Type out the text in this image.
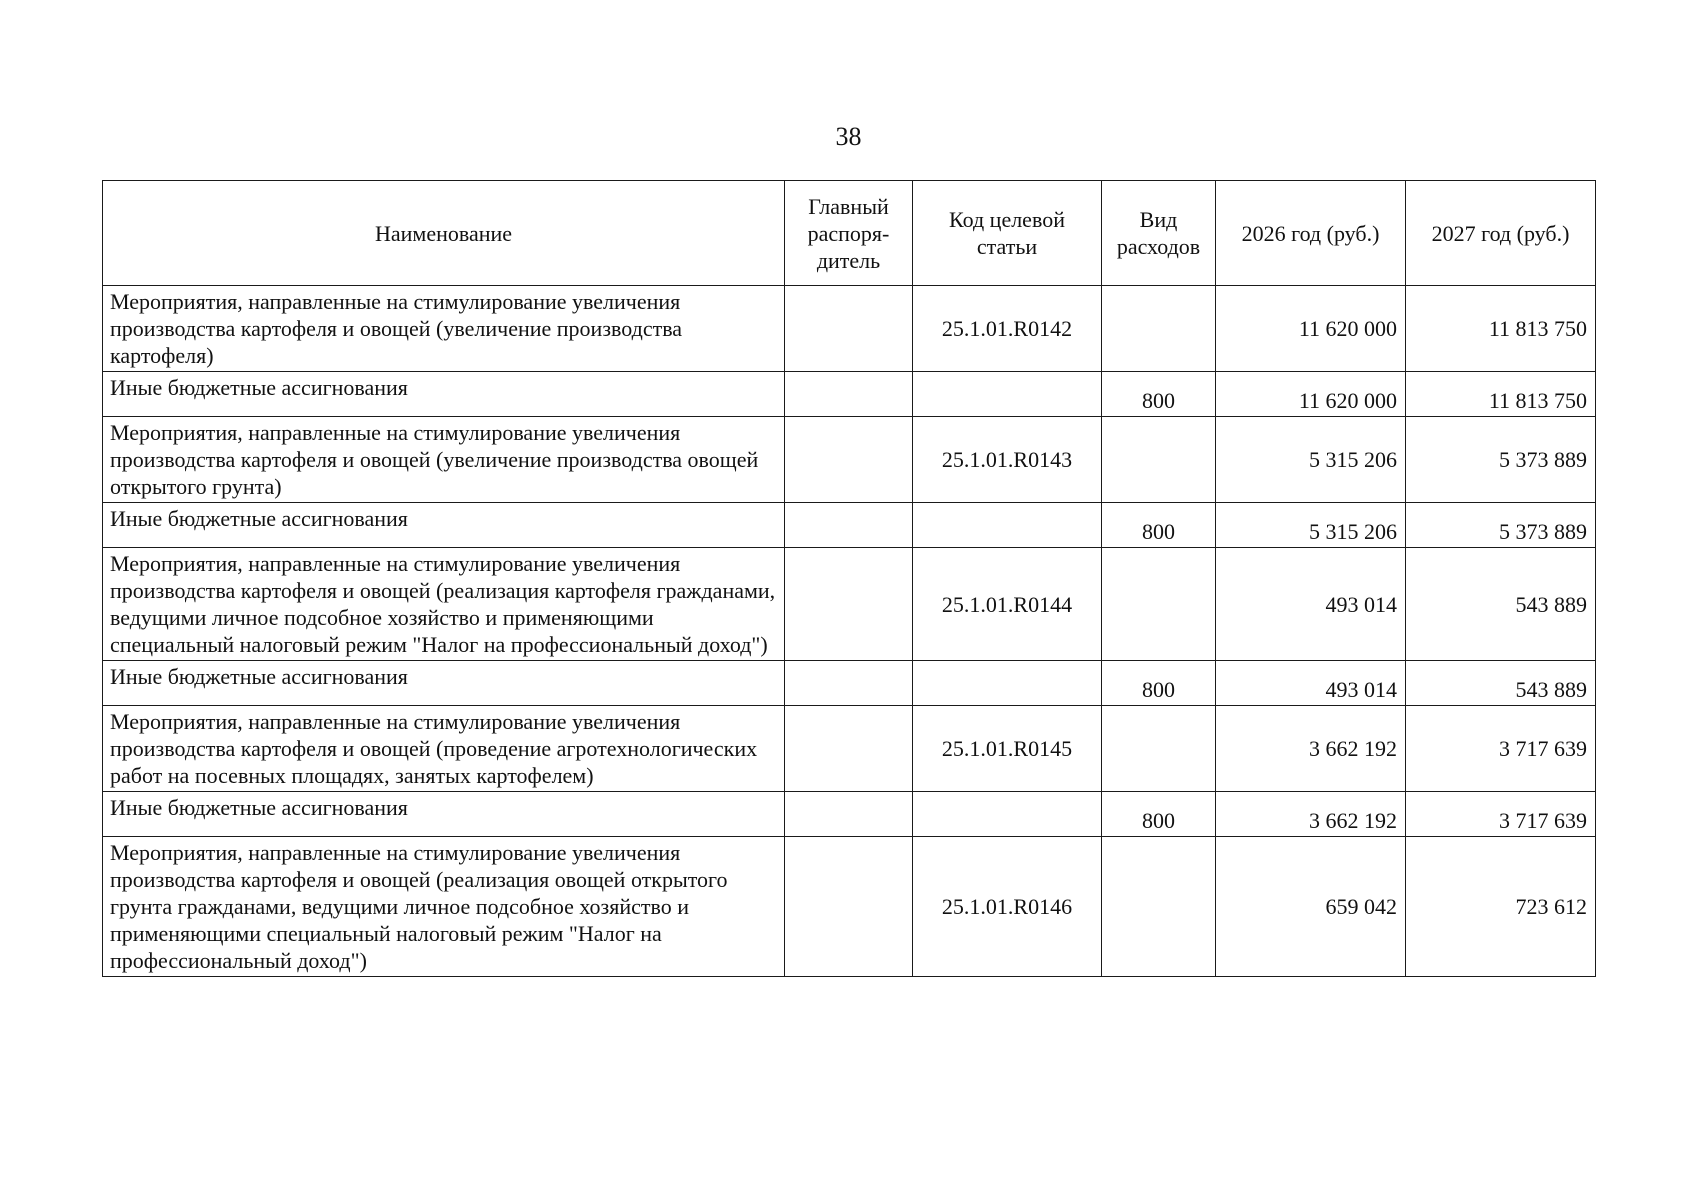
38
Наименование	Главный распоря-дитель	Код целевой статьи	Вид расходов	2026 год (руб.)	2027 год (руб.)
Мероприятия, направленные на стимулирование увеличения производства картофеля и овощей (увеличение производства картофеля)		25.1.01.R0142		11 620 000	11 813 750
Иные бюджетные ассигнования			800	11 620 000	11 813 750
Мероприятия, направленные на стимулирование увеличения производства картофеля и овощей (увеличение производства овощей открытого грунта)		25.1.01.R0143		5 315 206	5 373 889
Иные бюджетные ассигнования			800	5 315 206	5 373 889
Мероприятия, направленные на стимулирование увеличения производства картофеля и овощей (реализация картофеля гражданами, ведущими личное подсобное хозяйство и применяющими специальный налоговый режим "Налог на профессиональный доход")		25.1.01.R0144		493 014	543 889
Иные бюджетные ассигнования			800	493 014	543 889
Мероприятия, направленные на стимулирование увеличения производства картофеля и овощей (проведение агротехнологических работ на посевных площадях, занятых картофелем)		25.1.01.R0145		3 662 192	3 717 639
Иные бюджетные ассигнования			800	3 662 192	3 717 639
Мероприятия, направленные на стимулирование увеличения производства картофеля и овощей (реализация овощей открытого грунта гражданами, ведущими личное подсобное хозяйство и применяющими специальный налоговый режим "Налог на профессиональный доход")		25.1.01.R0146		659 042	723 612
